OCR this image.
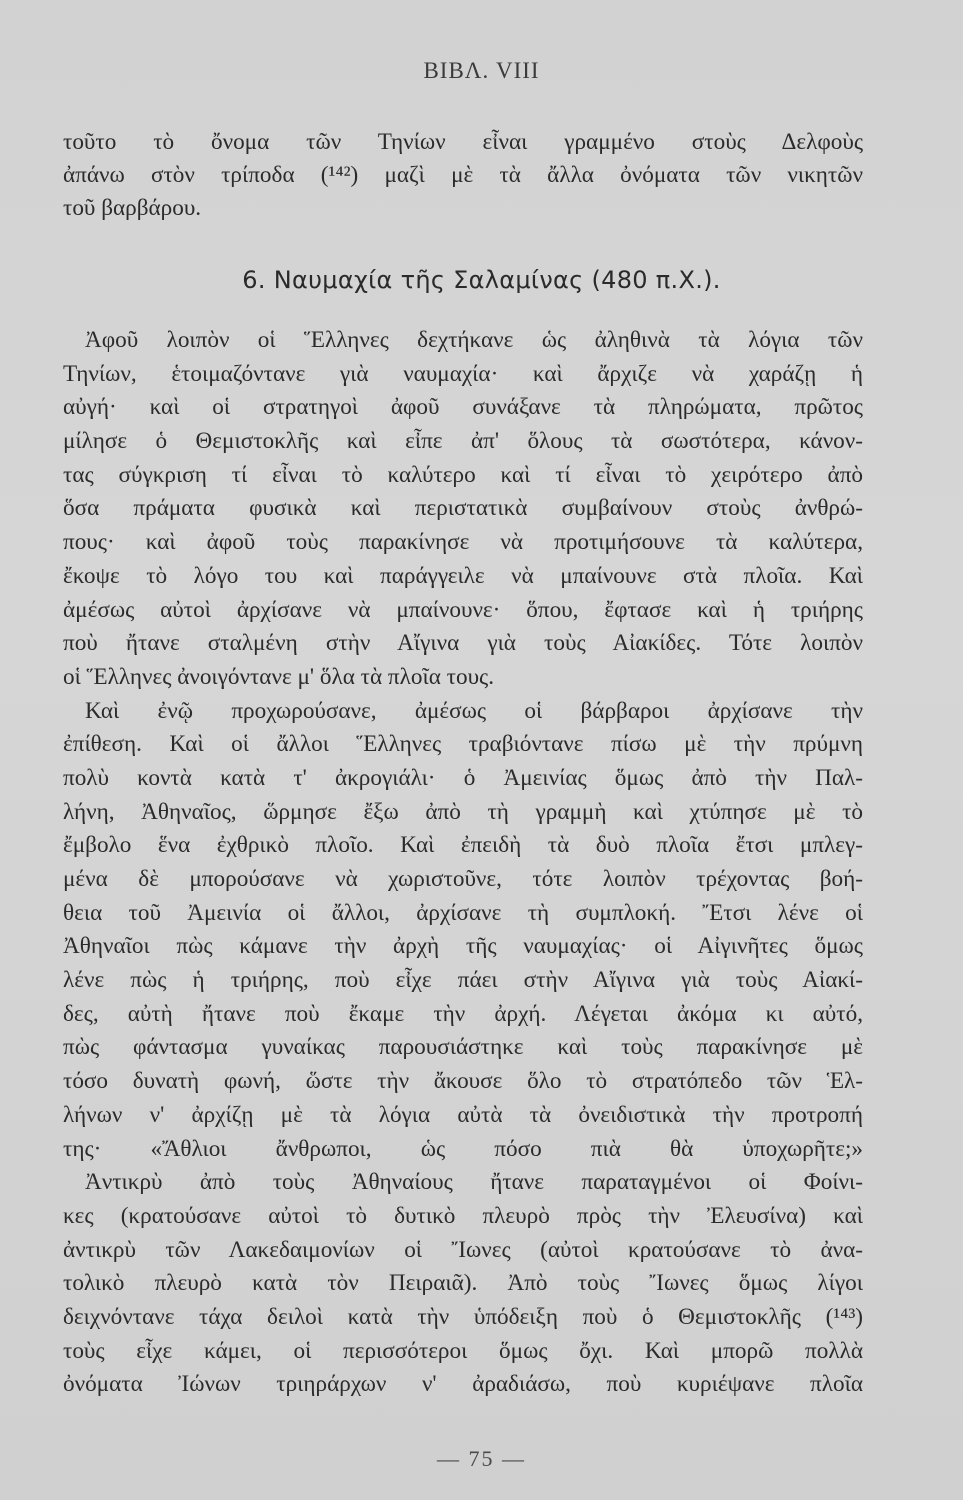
ΒΙΒΛ. VIII
τοῦτο τὸ ὄνομα τῶν Τηνίων εἶναι γραμμένο στοὺς Δελφοὺς
ἀπάνω στὸν τρίποδα (¹⁴²) μαζὶ μὲ τὰ ἄλλα ὀνόματα τῶν νικητῶν
τοῦ βαρβάρου.
6. Ναυμαχία τῆς Σαλαμίνας (480 π.Χ.).
Ἀφοῦ λοιπὸν οἱ Ἕλληνες δεχτήκανε ὡς ἀληθινὰ τὰ λόγια τῶν
Τηνίων, ἑτοιμαζόντανε γιὰ ναυμαχία· καὶ ἄρχιζε νὰ χαράζῃ ἡ
αὐγή· καὶ οἱ στρατηγοὶ ἀφοῦ συνάξανε τὰ πληρώματα, πρῶτος
μίλησε ὁ Θεμιστοκλῆς καὶ εἶπε ἀπ' ὅλους τὰ σωστότερα, κάνον-
τας σύγκριση τί εἶναι τὸ καλύτερο καὶ τί εἶναι τὸ χειρότερο ἀπὸ
ὅσα πράματα φυσικὰ καὶ περιστατικὰ συμβαίνουν στοὺς ἀνθρώ-
πους· καὶ ἀφοῦ τοὺς παρακίνησε νὰ προτιμήσουνε τὰ καλύτερα,
ἔκοψε τὸ λόγο του καὶ παράγγειλε νὰ μπαίνουνε στὰ πλοῖα. Καὶ
ἀμέσως αὐτοὶ ἀρχίσανε νὰ μπαίνουνε· ὅπου, ἔφτασε καὶ ἡ τριήρης
ποὺ ἤτανε σταλμένη στὴν Αἴγινα γιὰ τοὺς Αἰακίδες. Τότε λοιπὸν
οἱ Ἕλληνες ἀνοιγόντανε μ' ὅλα τὰ πλοῖα τους.
Καὶ ἐνῷ προχωρούσανε, ἀμέσως οἱ βάρβαροι ἀρχίσανε τὴν
ἐπίθεση. Καὶ οἱ ἄλλοι Ἕλληνες τραβιόντανε πίσω μὲ τὴν πρύμνη
πολὺ κοντὰ κατὰ τ' ἀκρογιάλι· ὁ Ἀμεινίας ὅμως ἀπὸ τὴν Παλ-
λήνη, Ἀθηναῖος, ὥρμησε ἔξω ἀπὸ τὴ γραμμὴ καὶ χτύπησε μὲ τὸ
ἔμβολο ἕνα ἐχθρικὸ πλοῖο. Καὶ ἐπειδὴ τὰ δυὸ πλοῖα ἔτσι μπλεγ-
μένα δὲ μπορούσανε νὰ χωριστοῦνε, τότε λοιπὸν τρέχοντας βοή-
θεια τοῦ Ἀμεινία οἱ ἄλλοι, ἀρχίσανε τὴ συμπλοκή. Ἔτσι λένε οἱ
Ἀθηναῖοι πὼς κάμανε τὴν ἀρχὴ τῆς ναυμαχίας· οἱ Αἰγινῆτες ὅμως
λένε πὼς ἡ τριήρης, ποὺ εἶχε πάει στὴν Αἴγινα γιὰ τοὺς Αἰακί-
δες, αὐτὴ ἤτανε ποὺ ἔκαμε τὴν ἀρχή. Λέγεται ἀκόμα κι αὐτό,
πὼς φάντασμα γυναίκας παρουσιάστηκε καὶ τοὺς παρακίνησε μὲ
τόσο δυνατὴ φωνή, ὥστε τὴν ἄκουσε ὅλο τὸ στρατόπεδο τῶν Ἑλ-
λήνων ν' ἀρχίζῃ μὲ τὰ λόγια αὐτὰ τὰ ὀνειδιστικὰ τὴν προτροπή
της· «Ἄθλιοι ἄνθρωποι, ὡς πόσο πιὰ θὰ ὑποχωρῆτε;»
Ἀντικρὺ ἀπὸ τοὺς Ἀθηναίους ἤτανε παραταγμένοι οἱ Φοίνι-
κες (κρατούσανε αὐτοὶ τὸ δυτικὸ πλευρὸ πρὸς τὴν Ἐλευσίνα) καὶ
ἀντικρὺ τῶν Λακεδαιμονίων οἱ Ἴωνες (αὐτοὶ κρατούσανε τὸ ἀνα-
τολικὸ πλευρὸ κατὰ τὸν Πειραιᾶ). Ἀπὸ τοὺς Ἴωνες ὅμως λίγοι
δειχνόντανε τάχα δειλοὶ κατὰ τὴν ὑπόδειξη ποὺ ὁ Θεμιστοκλῆς (¹⁴³)
τοὺς εἶχε κάμει, οἱ περισσότεροι ὅμως ὄχι. Καὶ μπορῶ πολλὰ
ὀνόματα Ἰώνων τριηράρχων ν' ἀραδιάσω, ποὺ κυριέψανε πλοῖα
— 75 —
